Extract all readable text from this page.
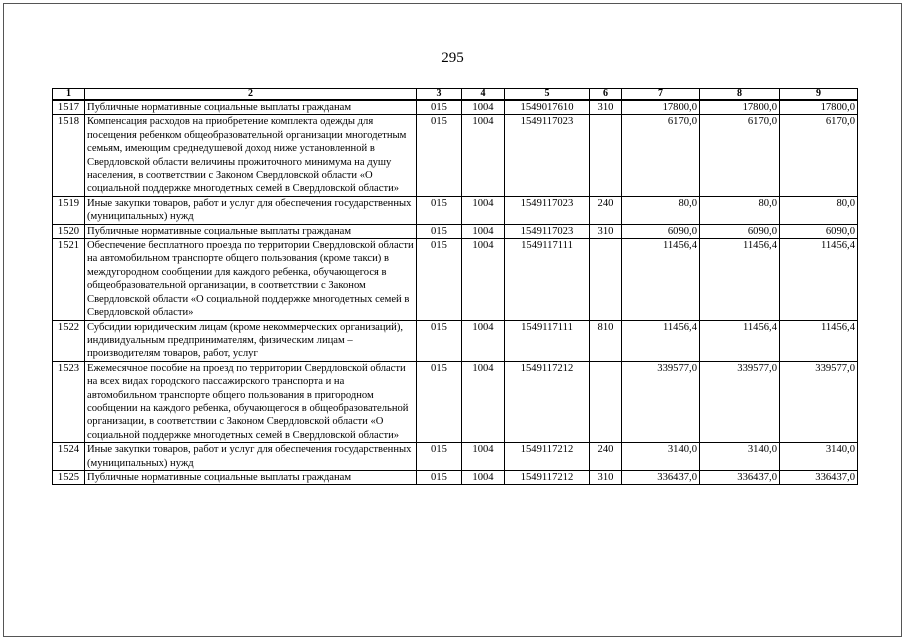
295
1	2	3	4	5	6	7	8	9
1517	Публичные нормативные социальные выплаты гражданам	015	1004	1549017610	310	17800,0	17800,0	17800,0
1518	Компенсация расходов на приобретение комплекта одежды для посещения ребенком общеобразовательной организации многодетным семьям, имеющим среднедушевой доход ниже установленной в Свердловской области величины прожиточного минимума на душу населения, в соответствии с Законом Свердловской области «О социальной поддержке многодетных семей в Свердловской области»	015	1004	1549117023		6170,0	6170,0	6170,0
1519	Иные закупки товаров, работ и услуг для обеспечения государственных (муниципальных) нужд	015	1004	1549117023	240	80,0	80,0	80,0
1520	Публичные нормативные социальные выплаты гражданам	015	1004	1549117023	310	6090,0	6090,0	6090,0
1521	Обеспечение бесплатного проезда по территории Свердловской области на автомобильном транспорте общего пользования (кроме такси) в междугородном сообщении для каждого ребенка, обучающегося в общеобразовательной организации, в соответствии с Законом Свердловской области «О социальной поддержке многодетных семей в Свердловской области»	015	1004	1549117111		11456,4	11456,4	11456,4
1522	Субсидии юридическим лицам (кроме некоммерческих организаций), индивидуальным предпринимателям, физическим лицам – производителям товаров, работ, услуг	015	1004	1549117111	810	11456,4	11456,4	11456,4
1523	Ежемесячное пособие на проезд по территории Свердловской области на всех видах городского пассажирского транспорта и на автомобильном транспорте общего пользования в пригородном сообщении на каждого ребенка, обучающегося в общеобразовательной организации, в соответствии с Законом Свердловской области «О социальной поддержке многодетных семей в Свердловской области»	015	1004	1549117212		339577,0	339577,0	339577,0
1524	Иные закупки товаров, работ и услуг для обеспечения государственных (муниципальных) нужд	015	1004	1549117212	240	3140,0	3140,0	3140,0
1525	Публичные нормативные социальные выплаты гражданам	015	1004	1549117212	310	336437,0	336437,0	336437,0
